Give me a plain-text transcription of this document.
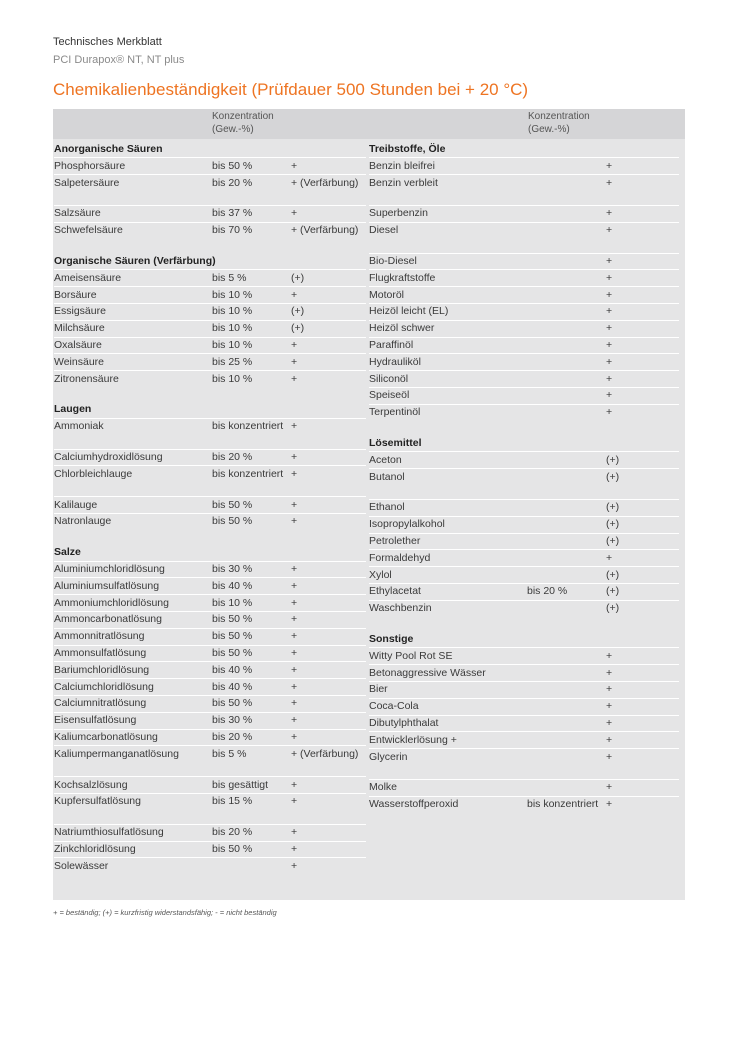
Technisches Merkblatt
PCI Durapox® NT, NT plus
Chemikalienbeständigkeit (Prüfdauer 500 Stunden bei + 20 °C)
Konzentration
(Gew.-%)
Konzentration
(Gew.-%)
Anorganische Säuren
Phosphorsäure	bis 50 %	+
Salpetersäure	bis 20 %	+ (Verfärbung)
Salzsäure	bis 37 %	+
Schwefelsäure	bis 70 %	+ (Verfärbung)
Organische Säuren (Verfärbung)
Ameisensäure	bis 5 %	(+)
Borsäure	bis 10 %	+
Essigsäure	bis 10 %	(+)
Milchsäure	bis 10 %	(+)
Oxalsäure	bis 10 %	+
Weinsäure	bis 25 %	+
Zitronensäure	bis 10 %	+
Laugen
Ammoniak	bis konzentriert +
Calciumhydroxidlösung	bis 20 %	+
Chlorbleichlauge	bis konzentriert +
Kalilauge	bis 50 %	+
Natronlauge	bis 50 %	+
Salze
Aluminiumchloridlösung	bis 30 %	+
Aluminiumsulfatlösung	bis 40 %	+
Ammoniumchloridlösung	bis 10 %	+
Ammoncarbonatlösung	bis 50 %	+
Ammonnitratlösung	bis 50 %	+
Ammonsulfatlösung	bis 50 %	+
Bariumchloridlösung	bis 40 %	+
Calciumchloridlösung	bis 40 %	+
Calciumnitratlösung	bis 50 %	+
Eisensulfatlösung	bis 30 %	+
Kaliumcarbonatlösung	bis 20 %	+
Kaliumpermanganatlösung	bis 5 %	+ (Verfärbung)
Kochsalzlösung	bis gesättigt +
Kupfersulfatlösung	bis 15 %	+
Natriumthiosulfatlösung	bis 20 %	+
Zinkchloridlösung	bis 50 %	+
Solewässer	+
Treibstoffe, Öle
Benzin bleifrei	+
Benzin verbleit	+
Superbenzin	+
Diesel	+
Bio-Diesel	+
Flugkraftstoffe	+
Motoröl	+
Heizöl leicht (EL)	+
Heizöl schwer	+
Paraffinöl	+
Hydrauliköl	+
Siliconöl	+
Speiseöl	+
Terpentinöl	+
Lösemittel
Aceton	(+)
Butanol	(+)
Ethanol	(+)
Isopropylalkohol	(+)
Petrolether	(+)
Formaldehyd	+
Xylol	(+)
Ethylacetat	bis 20 %	(+)
Waschbenzin	(+)
Sonstige
Witty Pool Rot SE	+
Betonaggressive Wässer	+
Bier	+
Coca-Cola	+
Dibutylphthalat	+
Entwicklerlösung +	+
Glycerin	+
Molke	+
Wasserstoffperoxid	bis konzentriert +
+ = beständig; (+) = kurzfristig widerstandsfähig; - = nicht beständig
